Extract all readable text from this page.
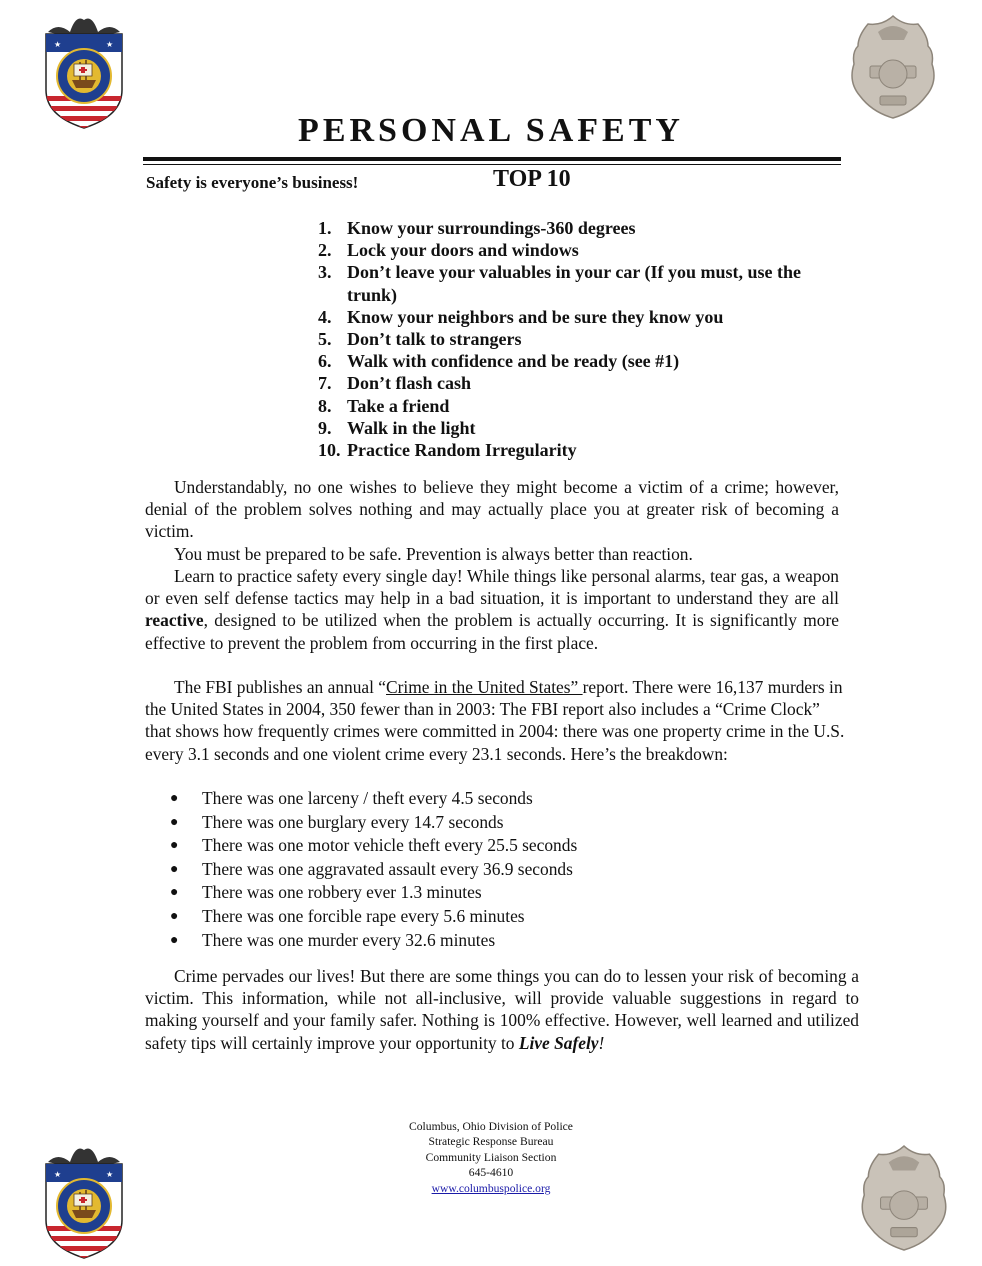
★	★
PERSONAL SAFETY
Safety is everyone’s business!	TOP 10
1. Know your surroundings-360 degrees
2. Lock your doors and windows
3. Don’t leave your valuables in your car (If you must, use the trunk)
4. Know your neighbors and be sure they know you
5. Don’t talk to strangers
6. Walk with confidence and be ready (see #1)
7. Don’t flash cash
8. Take a friend
9. Walk in the light
10. Practice Random Irregularity

Understandably, no one wishes to believe they might become a victim of a crime; however, denial of the problem solves nothing and may actually place you at greater risk of becoming a victim.

You must be prepared to be safe. Prevention is always better than reaction.

Learn to practice safety every single day! While things like personal alarms, tear gas, a weapon or even self defense tactics may help in a bad situation, it is important to understand they are all reactive, designed to be utilized when the problem is actually occurring. It is significantly more effective to prevent the problem from occurring in the first place.

The FBI publishes an annual “Crime in the United States” report. There were 16,137 murders in the United States in 2004, 350 fewer than in 2003: The FBI report also includes a “Crime Clock” that shows how frequently crimes were committed in 2004: there was one property crime in the U.S. every 3.1 seconds and one violent crime every 23.1 seconds. Here’s the breakdown:

●	There was one larceny / theft every 4.5 seconds
●	There was one burglary every 14.7 seconds
●	There was one motor vehicle theft every 25.5 seconds
●	There was one aggravated assault every 36.9 seconds
●	There was one robbery ever 1.3 minutes
●	There was one forcible rape every 5.6 minutes
●	There was one murder every 32.6 minutes

Crime pervades our lives! But there are some things you can do to lessen your risk of becoming a victim. This information, while not all-inclusive, will provide valuable suggestions in regard to making yourself and your family safer. Nothing is 100% effective. However, well learned and utilized safety tips will certainly improve your opportunity to Live Safely!

Columbus, Ohio Division of Police
Strategic Response Bureau
Community Liaison Section
645-4610
www.columbuspolice.org
★	★
